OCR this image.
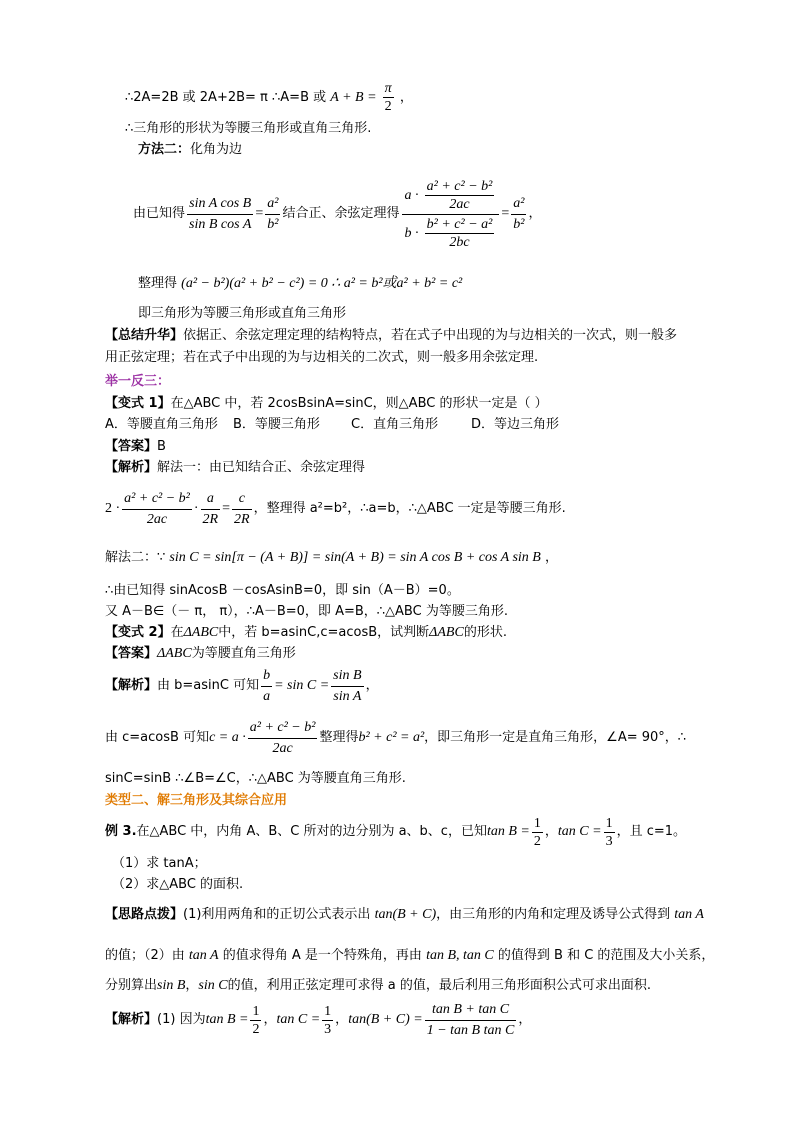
∴2A=2B 或 2A+2B= π ∴A=B 或 $A + B = \frac{\pi}{2}$ ，
∴三角形的形状为等腰三角形或直角三角形.
方法二：化角为边
由已知得 $\frac{\text{sin A cos B}}{\text{sin B cos A}} = \frac{\text{a²}}{\text{b²}}$ 结合正、余弦定理得 $\frac{a \cdot \frac{\text{a² + c² − b²}}{2ac}}{b \cdot \frac{\text{b² + c² − a²}}{2bc}} = \frac{\text{a²}}{\text{b²}}$ ，
整理得 (a² − b²)(a² + b² − c²) = 0 ∴ a² = b²或a² + b² = c²
即三角形为等腰三角形或直角三角形
【总结升华】依据正、余弦定理定理的结构特点，若在式子中出现的为与边相关的一次式，则一般多
用正弦定理；若在式子中出现的为与边相关的二次式，则一般多用余弦定理.
举一反三：
【变式 1】在△ABC 中，若 2cosBsinA=sinC，则△ABC 的形状一定是（ ）
A．等腰直角三角形 B．等腰三角形 C．直角三角形	D．等边三角形
【答案】B
【解析】解法一：由已知结合正、余弦定理得
$2 \cdot \frac{\text{a² + c² − b²}}{2ac} \cdot \frac{a}{2R} = \frac{c}{2R}$ ，整理得 a²=b²，∴a=b，∴△ABC 一定是等腰三角形.
解法二：∵ sin C = sin[π − (A + B)] = sin(A + B) = sin A cos B + cos A sin B ，
∴由已知得 sinAcosB －cosAsinB=0，即 sin（A－B）=0。
又 A－B∈（－ π， π），∴A－B=0，即 A=B，∴△ABC 为等腰三角形.
【变式 2】在ΔABC中，若 b=asinC,c=acosB，试判断ΔABC的形状.
【答案】ΔABC为等腰直角三角形
【解析】 由 b=asinC 可知 $\frac{b}{a} = \sin C = \frac{\text{sin B}}{\text{sin A}}$ ，
由 c=acosB 可知 $c = a \cdot \frac{\text{a² + c² − b²}}{2ac}$ 整理得 b² + c² = a² ，即三角形一定是直角三角形，∠A= 90°，∴
sinC=sinB ∴∠B=∠C，∴△ABC 为等腰直角三角形.
类型二、解三角形及其综合应用
例 3. 在△ABC 中，内角 A、B、C 所对的边分别为 a、b、c，已知 $\tan B = \frac{1}{2}$ ， $\tan C = \frac{1}{3}$ ，且 c=1。
（1）求 tanA；
（2）求△ABC 的面积.
【思路点拨】(1)利用两角和的正切公式表示出 tan(B + C)，由三角形的内角和定理及诱导公式得到 tan A
的值；（2）由 tan A 的值求得角 A 是一个特殊角，再由 tan B, tan C 的值得到 B 和 C 的范围及大小关系，
分别算出sin B，sin C的值，利用正弦定理可求得 a 的值，最后利用三角形面积公式可求出面积.
【解析】 (1) 因为 $\tan B = \frac{1}{2}$ ， $\tan C = \frac{1}{3}$ ， $\tan(B + C) = \frac{\text{tan B + tan C}}{\text{1 − tan B tan C}}$ ，
